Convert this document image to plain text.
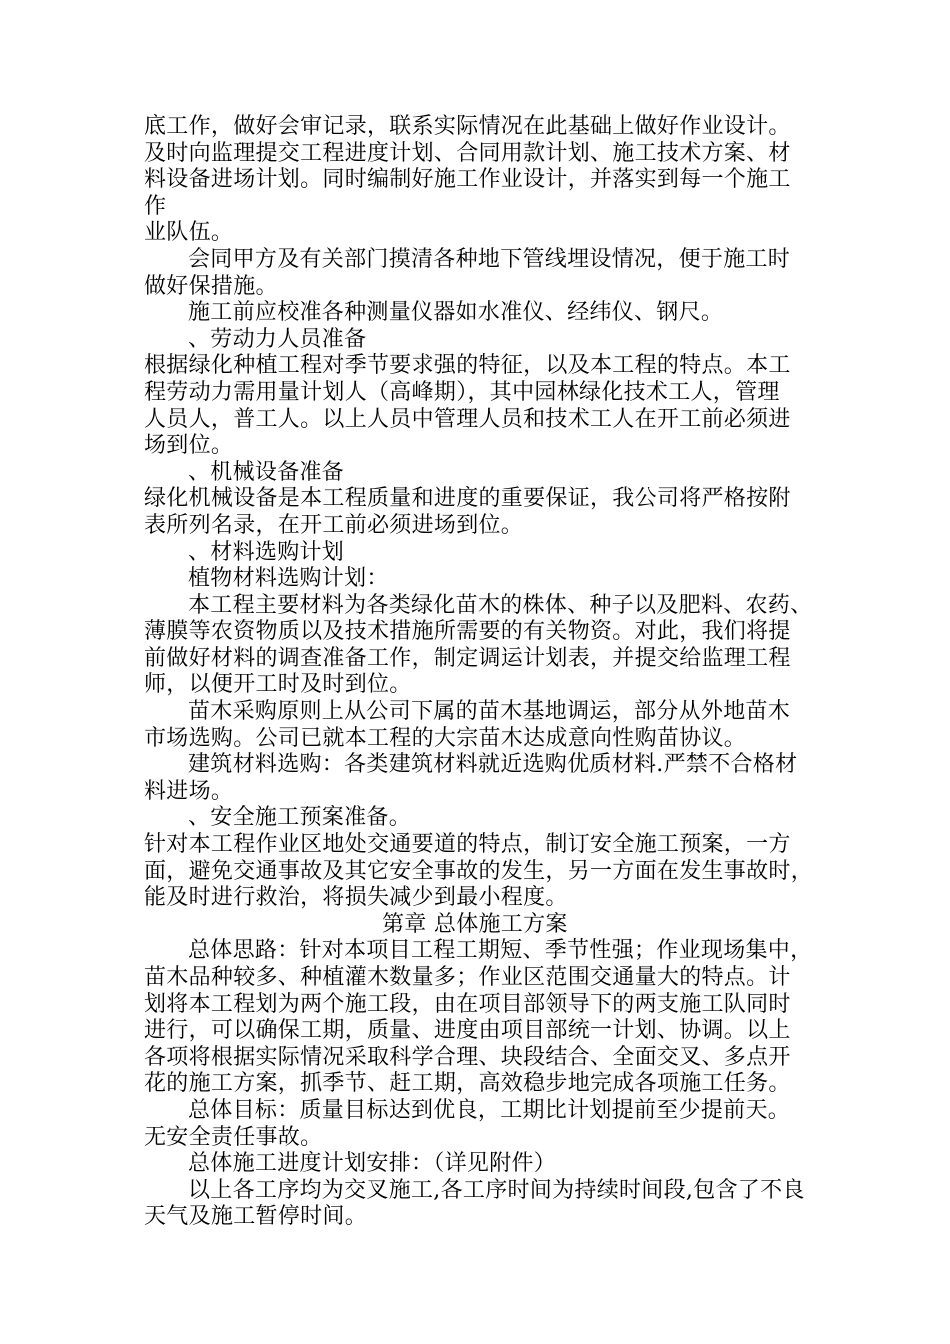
底工作，做好会审记录，联系实际情况在此基础上做好作业设计。
及时向监理提交工程进度计划、合同用款计划、施工技术方案、材
料设备进场计划。同时编制好施工作业设计，并落实到每一个施工
作
业队伍。
会同甲方及有关部门摸清各种地下管线埋设情况，便于施工时
做好保措施。
施工前应校准各种测量仪器如水准仪、经纬仪、钢尺。
、劳动力人员准备
根据绿化种植工程对季节要求强的特征，以及本工程的特点。本工
程劳动力需用量计划人（高峰期），其中园林绿化技术工人，管理
人员人，普工人。以上人员中管理人员和技术工人在开工前必须进
场到位。
、机械设备准备
绿化机械设备是本工程质量和进度的重要保证，我公司将严格按附
表所列名录，在开工前必须进场到位。
、材料选购计划
植物材料选购计划：
本工程主要材料为各类绿化苗木的株体、种子以及肥料、农药、
薄膜等农资物质以及技术措施所需要的有关物资。对此，我们将提
前做好材料的调查准备工作，制定调运计划表，并提交给监理工程
师，以便开工时及时到位。
苗木采购原则上从公司下属的苗木基地调运，部分从外地苗木
市场选购。公司已就本工程的大宗苗木达成意向性购苗协议。
建筑材料选购：各类建筑材料就近选购优质材料.严禁不合格材
料进场。
、安全施工预案准备。
针对本工程作业区地处交通要道的特点，制订安全施工预案，一方
面，避免交通事故及其它安全事故的发生，另一方面在发生事故时，
能及时进行救治，将损失减少到最小程度。
第章 总体施工方案
总体思路：针对本项目工程工期短、季节性强；作业现场集中，
苗木品种较多、种植灌木数量多；作业区范围交通量大的特点。计
划将本工程划为两个施工段，由在项目部领导下的两支施工队同时
进行，可以确保工期，质量、进度由项目部统一计划、协调。以上
各项将根据实际情况采取科学合理、块段结合、全面交叉、多点开
花的施工方案，抓季节、赶工期，高效稳步地完成各项施工任务。
总体目标：质量目标达到优良，工期比计划提前至少提前天。
无安全责任事故。
总体施工进度计划安排：（详见附件）
以上各工序均为交叉施工,各工序时间为持续时间段,包含了不良
天气及施工暂停时间。
